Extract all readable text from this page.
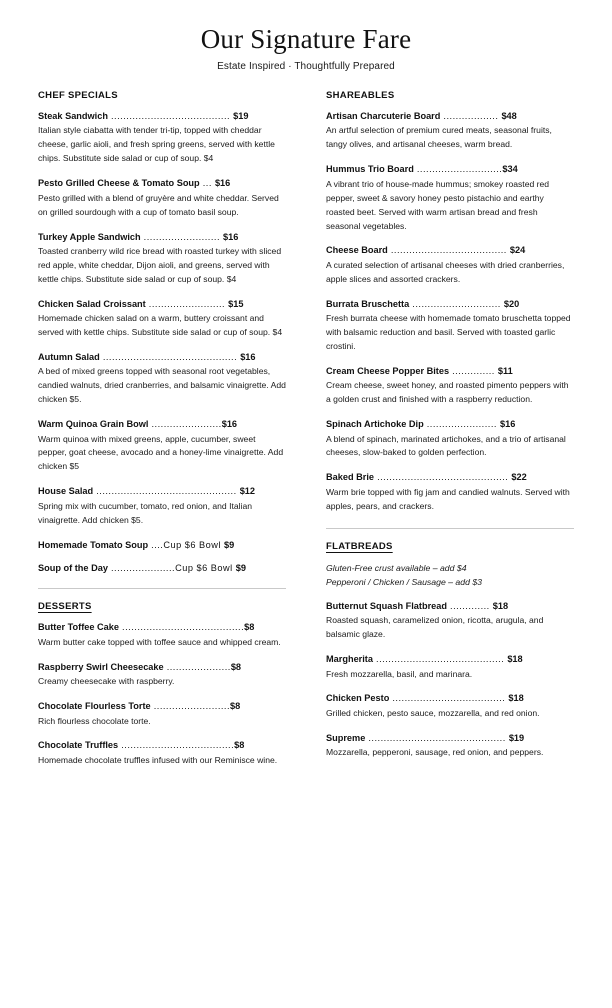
Our Signature Fare
Estate Inspired · Thoughtfully Prepared
CHEF SPECIALS
Steak Sandwich ....................................... $19
Italian style ciabatta with tender tri-tip, topped with cheddar cheese, garlic aioli, and fresh spring greens, served with kettle chips. Substitute side salad or cup of soup. $4
Pesto Grilled Cheese & Tomato Soup ... $16
Pesto grilled with a blend of gruyère and white cheddar. Served on grilled sourdough with a cup of tomato basil soup.
Turkey Apple Sandwich ......................... $16
Toasted cranberry wild rice bread with roasted turkey with sliced red apple, white cheddar, Dijon aioli, and greens, served with kettle chips. Substitute side salad or cup of soup. $4
Chicken Salad Croissant ......................... $15
Homemade chicken salad on a warm, buttery croissant and served with kettle chips. Substitute side salad or cup of soup. $4
Autumn Salad ............................................ $16
A bed of mixed greens topped with seasonal root vegetables, candied walnuts, dried cranberries, and balsamic vinaigrette. Add chicken $5.
Warm Quinoa Grain Bowl .......................$16
Warm quinoa with mixed greens, apple, cucumber, sweet pepper, goat cheese, avocado and a honey-lime vinaigrette. Add chicken $5
House Salad .............................................. $12
Spring mix with cucumber, tomato, red onion, and Italian vinaigrette. Add chicken $5.
Homemade Tomato Soup ....Cup $6 Bowl $9
Soup of the Day .....................Cup $6 Bowl $9
DESSERTS
Butter Toffee Cake ........................................$8
Warm butter cake topped with toffee sauce and whipped cream.
Raspberry Swirl Cheesecake .....................$8
Creamy cheesecake with raspberry.
Chocolate Flourless Torte .........................$8
Rich flourless chocolate torte.
Chocolate Truffles .....................................$8
Homemade chocolate truffles infused with our Reminisce wine.
SHAREABLES
Artisan Charcuterie Board .................. $48
An artful selection of premium cured meats, seasonal fruits, tangy olives, and artisanal cheeses, warm bread.
Hummus Trio Board ............................$34
A vibrant trio of house-made hummus; smokey roasted red pepper, sweet & savory honey pesto pistachio and earthy roasted beet. Served with warm artisan bread and fresh seasonal vegetables.
Cheese Board ...................................... $24
A curated selection of artisanal cheeses with dried cranberries, apple slices and assorted crackers.
Burrata Bruschetta ............................. $20
Fresh burrata cheese with homemade tomato bruschetta topped with balsamic reduction and basil. Served with toasted garlic crostini.
Cream Cheese Popper Bites .............. $11
Cream cheese, sweet honey, and roasted pimento peppers with a golden crust and finished with a raspberry reduction.
Spinach Artichoke Dip ....................... $16
A blend of spinach, marinated artichokes, and a trio of artisanal cheeses, slow-baked to golden perfection.
Baked Brie ........................................... $22
Warm brie topped with fig jam and candied walnuts. Served with apples, pears, and crackers.
FLATBREADS
Gluten-Free crust available – add $4
Pepperoni / Chicken / Sausage – add $3
Butternut Squash Flatbread ............. $18
Roasted squash, caramelized onion, ricotta, arugula, and balsamic glaze.
Margherita .......................................... $18
Fresh mozzarella, basil, and marinara.
Chicken Pesto ..................................... $18
Grilled chicken, pesto sauce, mozzarella, and red onion.
Supreme ............................................. $19
Mozzarella, pepperoni, sausage, red onion, and peppers.
